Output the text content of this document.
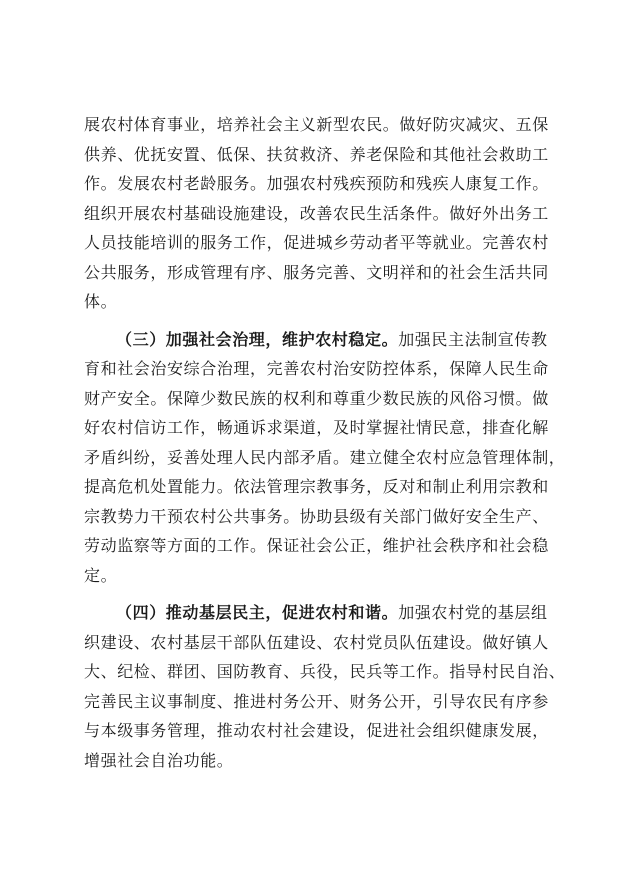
展农村体育事业，培养社会主义新型农民。做好防灾减灾、五保
供养、优抚安置、低保、扶贫救济、养老保险和其他社会救助工
作。发展农村老龄服务。加强农村残疾预防和残疾人康复工作。
组织开展农村基础设施建设，改善农民生活条件。做好外出务工
人员技能培训的服务工作，促进城乡劳动者平等就业。完善农村
公共服务，形成管理有序、服务完善、文明祥和的社会生活共同
体。
（三）加强社会治理，维护农村稳定。加强民主法制宣传教
育和社会治安综合治理，完善农村治安防控体系，保障人民生命
财产安全。保障少数民族的权利和尊重少数民族的风俗习惯。做
好农村信访工作，畅通诉求渠道，及时掌握社情民意，排查化解
矛盾纠纷，妥善处理人民内部矛盾。建立健全农村应急管理体制，
提高危机处置能力。依法管理宗教事务，反对和制止利用宗教和
宗教势力干预农村公共事务。协助县级有关部门做好安全生产、
劳动监察等方面的工作。保证社会公正，维护社会秩序和社会稳
定。
（四）推动基层民主，促进农村和谐。加强农村党的基层组
织建设、农村基层干部队伍建设、农村党员队伍建设。做好镇人
大、纪检、群团、国防教育、兵役，民兵等工作。指导村民自治、
完善民主议事制度、推进村务公开、财务公开，引导农民有序参
与本级事务管理，推动农村社会建设，促进社会组织健康发展，
增强社会自治功能。
